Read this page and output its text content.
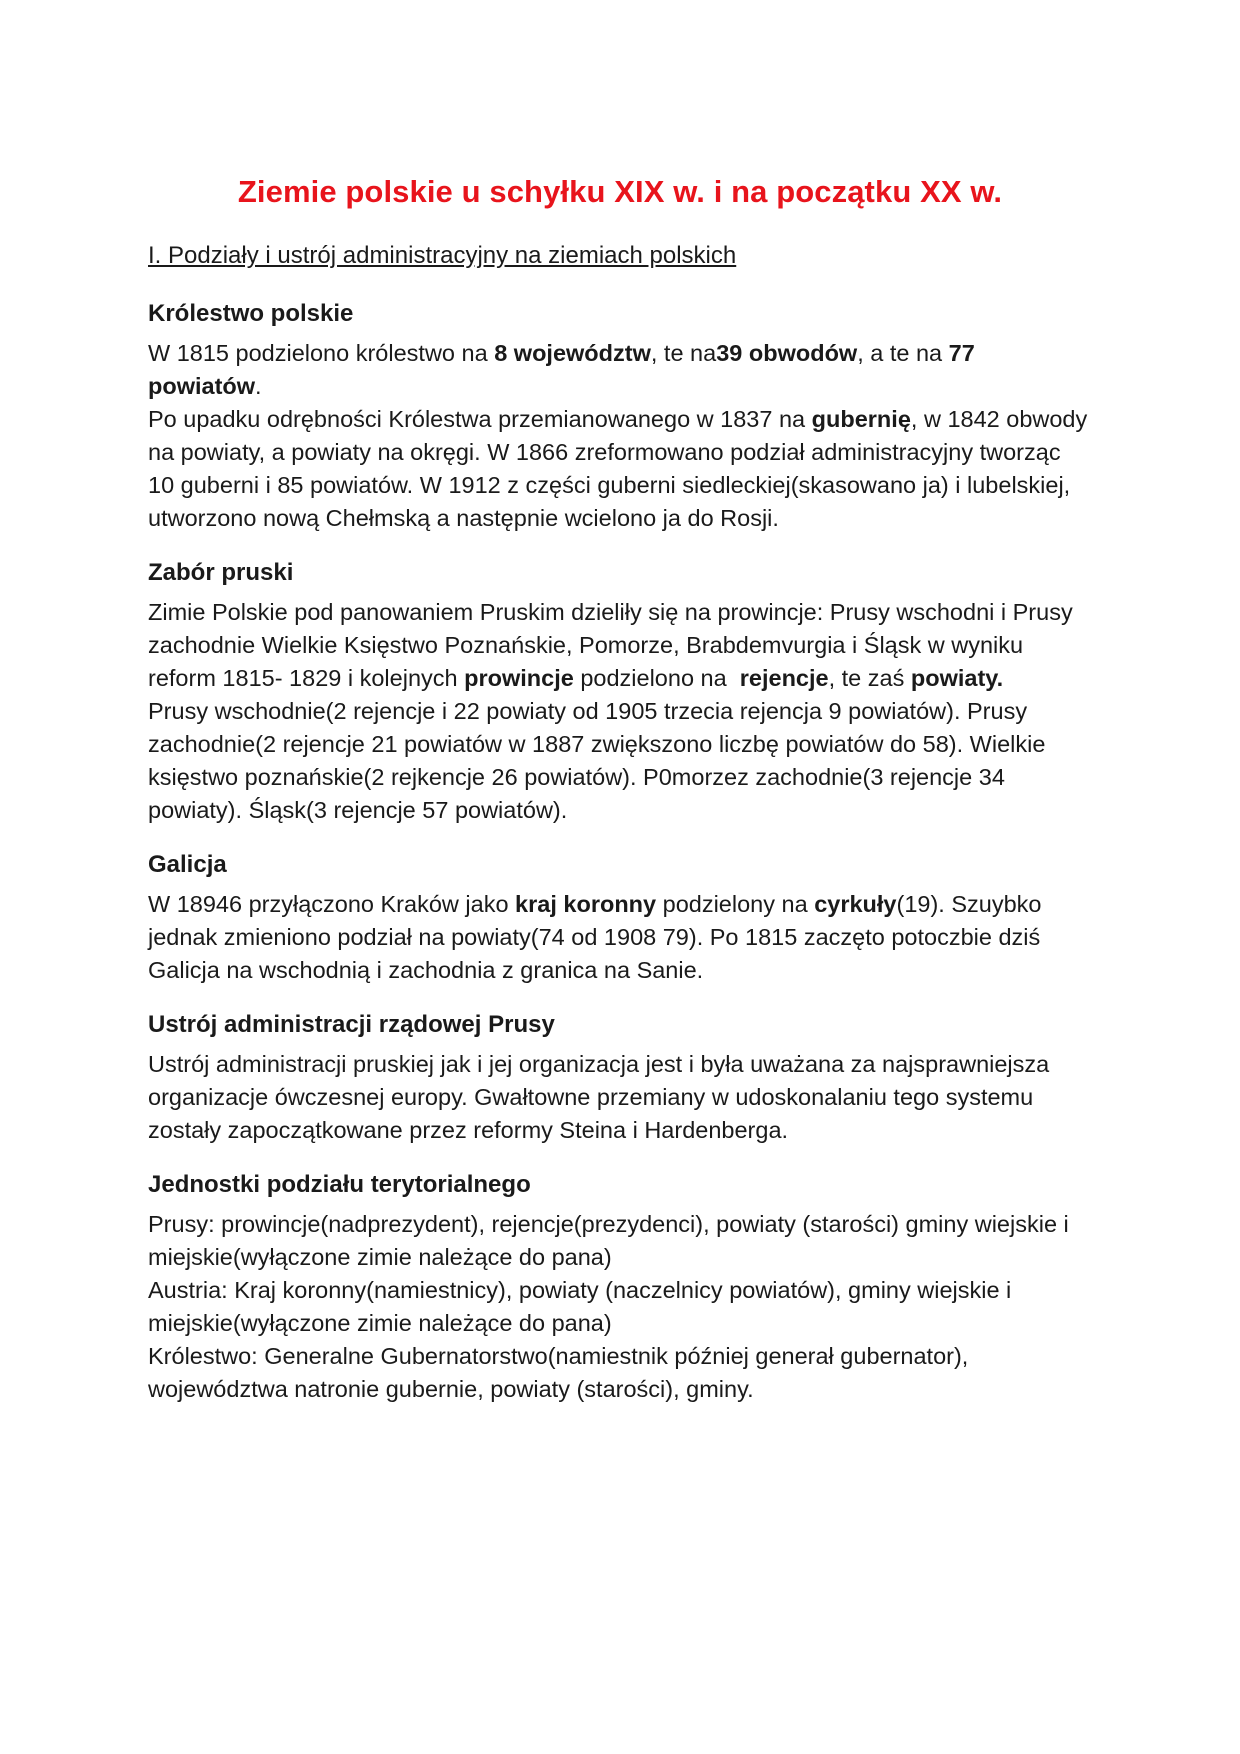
Ziemie polskie u schyłku XIX w. i na początku XX w.
I. Podziały i ustrój administracyjny na ziemiach polskich
Królestwo polskie

W 1815 podzielono królestwo na 8 województw, te na39 obwodów, a te na 77 powiatów.

Po upadku odrębności Królestwa przemianowanego w 1837 na gubernię, w 1842 obwody na powiaty, a powiaty na okręgi. W 1866 zreformowano podział administracyjny tworząc 10 guberni i 85 powiatów. W 1912 z części guberni siedleckiej(skasowano ja) i lubelskiej, utworzono nową Chełmską a następnie wcielono ja do Rosji.

Zabór pruski

Zimie Polskie pod panowaniem Pruskim dzieliły się na prowincje: Prusy wschodni i Prusy zachodnie Wielkie Księstwo Poznańskie, Pomorze, Brabdemvurgia i Śląsk w wyniku reform 1815- 1829 i kolejnych prowincje podzielono na  rejencje, te zaś powiaty.

Prusy wschodnie(2 rejencje i 22 powiaty od 1905 trzecia rejencja 9 powiatów). Prusy zachodnie(2 rejencje 21 powiatów w 1887 zwiększono liczbę powiatów do 58). Wielkie księstwo poznańskie(2 rejkencje 26 powiatów). P0morzez zachodnie(3 rejencje 34 powiaty). Śląsk(3 rejencje 57 powiatów).

Galicja

W 18946 przyłączono Kraków jako kraj koronny podzielony na cyrkuły(19). Szuybko jednak zmieniono podział na powiaty(74 od 1908 79). Po 1815 zaczęto potoczbie dziś Galicja na wschodnią i zachodnia z granica na Sanie.

Ustrój administracji rządowej Prusy

Ustrój administracji pruskiej jak i jej organizacja jest i była uważana za najsprawniejsza organizacje ówczesnej europy. Gwałtowne przemiany w udoskonalaniu tego systemu zostały zapoczątkowane przez reformy Steina i Hardenberga.

Jednostki podziału terytorialnego

Prusy: prowincje(nadprezydent), rejencje(prezydenci), powiaty (starości) gminy wiejskie i miejskie(wyłączone zimie należące do pana)

Austria: Kraj koronny(namiestnicy), powiaty (naczelnicy powiatów), gminy wiejskie i miejskie(wyłączone zimie należące do pana)

Królestwo: Generalne Gubernatorstwo(namiestnik później generał gubernator), województwa natronie gubernie, powiaty (starości), gminy.
